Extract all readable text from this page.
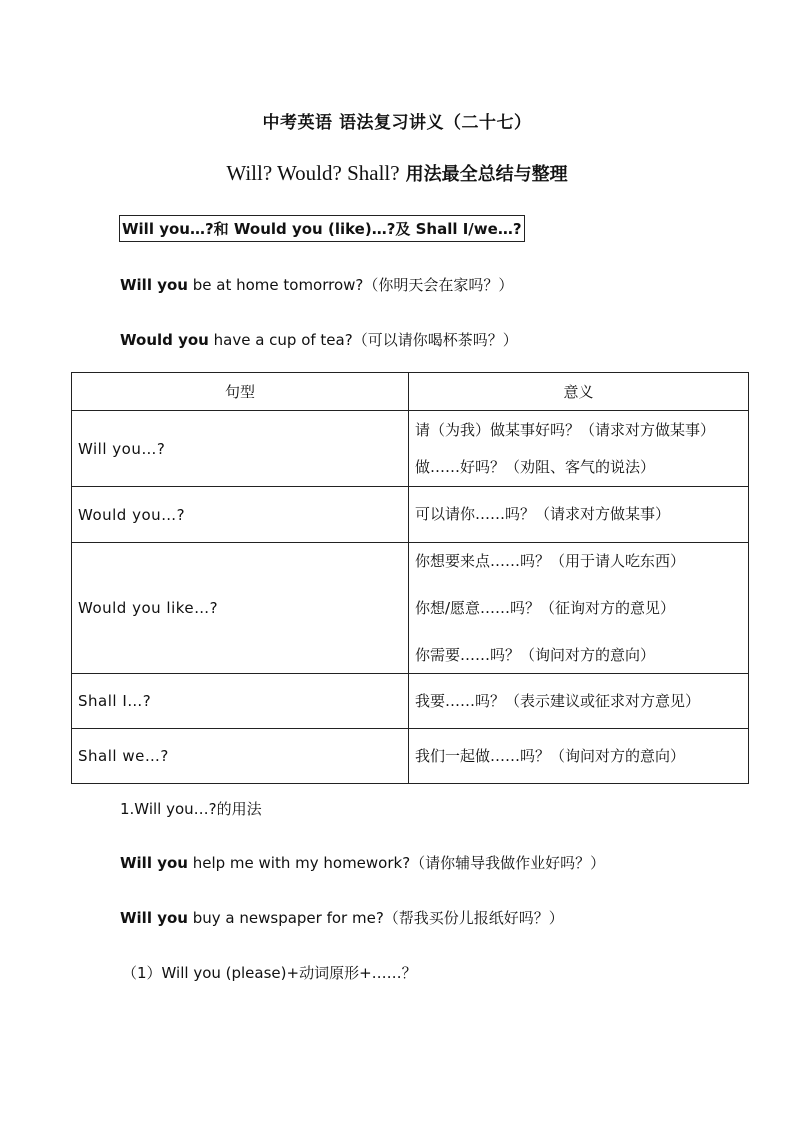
中考英语 语法复习讲义（二十七）
Will? Would? Shall? 用法最全总结与整理
Will you…?和 Would you (like)…?及 Shall I/we…?
Will you be at home tomorrow?（你明天会在家吗？）
Would you have a cup of tea?（可以请你喝杯茶吗？）
句型	意义
Will you…?	请（为我）做某事好吗？（请求对方做某事）

做……好吗？（劝阻、客气的说法）

Would you…?	可以请你……吗？（请求对方做某事）

Would you like…?	你想要来点……吗？（用于请人吃东西）

你想/愿意……吗？（征询对方的意见）

你需要……吗？（询问对方的意向）

Shall I…?	我要……吗？（表示建议或征求对方意见）

Shall we…?	我们一起做……吗？（询问对方的意向）

1.Will you…?的用法
Will you help me with my homework?（请你辅导我做作业好吗？）
Will you buy a newspaper for me?（帮我买份儿报纸好吗？）
（1）Will you (please)+动词原形+……？
